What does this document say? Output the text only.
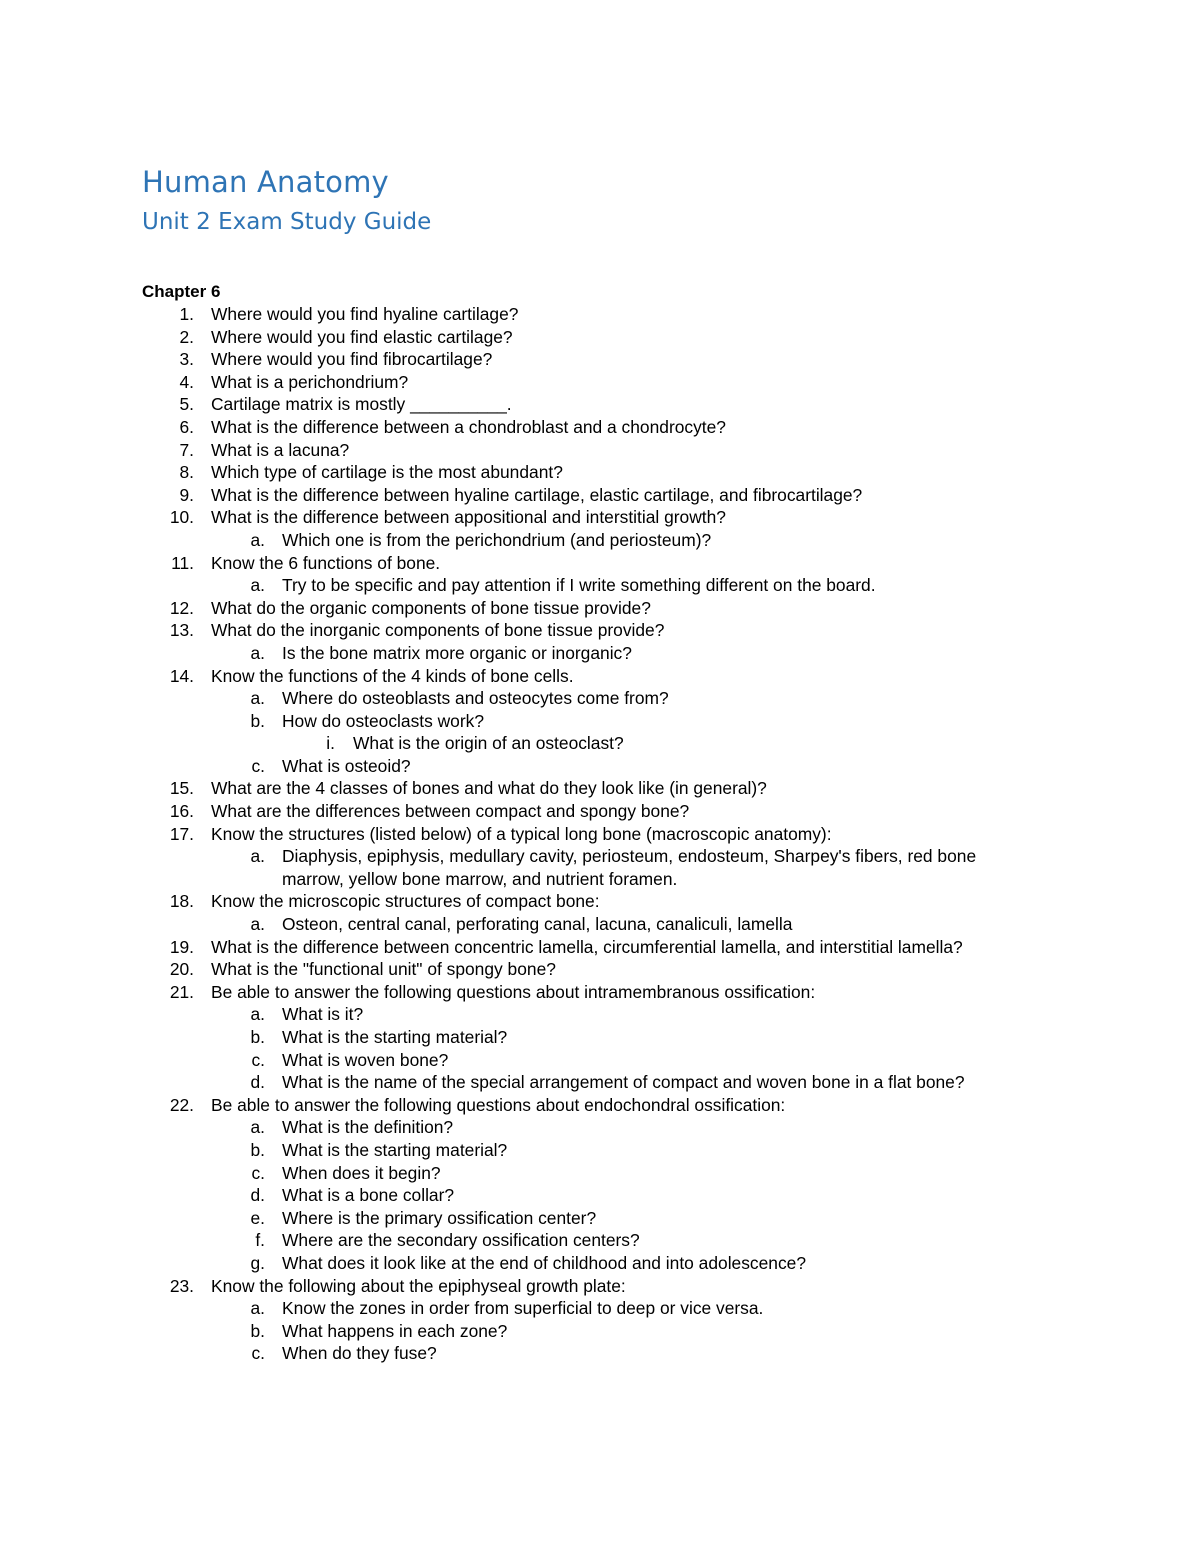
Human Anatomy
Unit 2 Exam Study Guide
Chapter 6
1. Where would you find hyaline cartilage?
2. Where would you find elastic cartilage?
3. Where would you find fibrocartilage?
4. What is a perichondrium?
5. Cartilage matrix is mostly __________.
6. What is the difference between a chondroblast and a chondrocyte?
7. What is a lacuna?
8. Which type of cartilage is the most abundant?
9. What is the difference between hyaline cartilage, elastic cartilage, and fibrocartilage?
10. What is the difference between appositional and interstitial growth?
a. Which one is from the perichondrium (and periosteum)?
11. Know the 6 functions of bone.
a. Try to be specific and pay attention if I write something different on the board.
12. What do the organic components of bone tissue provide?
13. What do the inorganic components of bone tissue provide?
a. Is the bone matrix more organic or inorganic?
14. Know the functions of the 4 kinds of bone cells.
a. Where do osteoblasts and osteocytes come from?
b. How do osteoclasts work?
i. What is the origin of an osteoclast?
c. What is osteoid?
15. What are the 4 classes of bones and what do they look like (in general)?
16. What are the differences between compact and spongy bone?
17. Know the structures (listed below) of a typical long bone (macroscopic anatomy):
a. Diaphysis, epiphysis, medullary cavity, periosteum, endosteum, Sharpey's fibers, red bone marrow, yellow bone marrow, and nutrient foramen.
18. Know the microscopic structures of compact bone:
a. Osteon, central canal, perforating canal, lacuna, canaliculi, lamella
19. What is the difference between concentric lamella, circumferential lamella, and interstitial lamella?
20. What is the "functional unit" of spongy bone?
21. Be able to answer the following questions about intramembranous ossification:
a. What is it?
b. What is the starting material?
c. What is woven bone?
d. What is the name of the special arrangement of compact and woven bone in a flat bone?
22. Be able to answer the following questions about endochondral ossification:
a. What is the definition?
b. What is the starting material?
c. When does it begin?
d. What is a bone collar?
e. Where is the primary ossification center?
f. Where are the secondary ossification centers?
g. What does it look like at the end of childhood and into adolescence?
23. Know the following about the epiphyseal growth plate:
a. Know the zones in order from superficial to deep or vice versa.
b. What happens in each zone?
c. When do they fuse?
